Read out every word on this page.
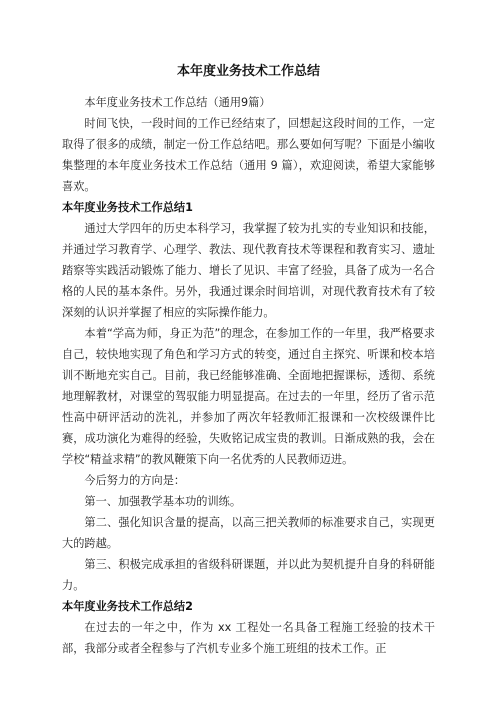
本年度业务技术工作总结

本年度业务技术工作总结（通用9篇）

时间飞快，一段时间的工作已经结束了，回想起这段时间的工作，一定取得了很多的成绩，制定一份工作总结吧。那么要如何写呢？下面是小编收集整理的本年度业务技术工作总结（通用 9 篇），欢迎阅读，希望大家能够喜欢。

本年度业务技术工作总结1

通过大学四年的历史本科学习，我掌握了较为扎实的专业知识和技能，并通过学习教育学、心理学、教法、现代教育技术等课程和教育实习、遗址踏察等实践活动锻炼了能力、增长了见识、丰富了经验，具备了成为一名合格的人民的基本条件。另外，我通过课余时间培训，对现代教育技术有了较深刻的认识并掌握了相应的实际操作能力。

本着“学高为师，身正为范”的理念，在参加工作的一年里，我严格要求自己，较快地实现了角色和学习方式的转变，通过自主探究、听课和校本培训不断地充实自己。目前，我已经能够准确、全面地把握课标，透彻、系统地理解教材，对课堂的驾驭能力明显提高。在过去的一年里，经历了省示范性高中研评活动的洗礼，并参加了两次年轻教师汇报课和一次校级课件比赛，成功演化为难得的经验，失败铭记成宝贵的教训。日渐成熟的我，会在学校“精益求精”的教风鞭策下向一名优秀的人民教师迈进。

今后努力的方向是：

第一、加强教学基本功的训练。

第二、强化知识含量的提高，以高三把关教师的标准要求自己，实现更大的跨越。

第三、积极完成承担的省级科研课题，并以此为契机提升自身的科研能力。

本年度业务技术工作总结2

在过去的一年之中，作为 xx 工程处一名具备工程施工经验的技术干部，我部分或者全程参与了汽机专业多个施工班组的技术工作。正
